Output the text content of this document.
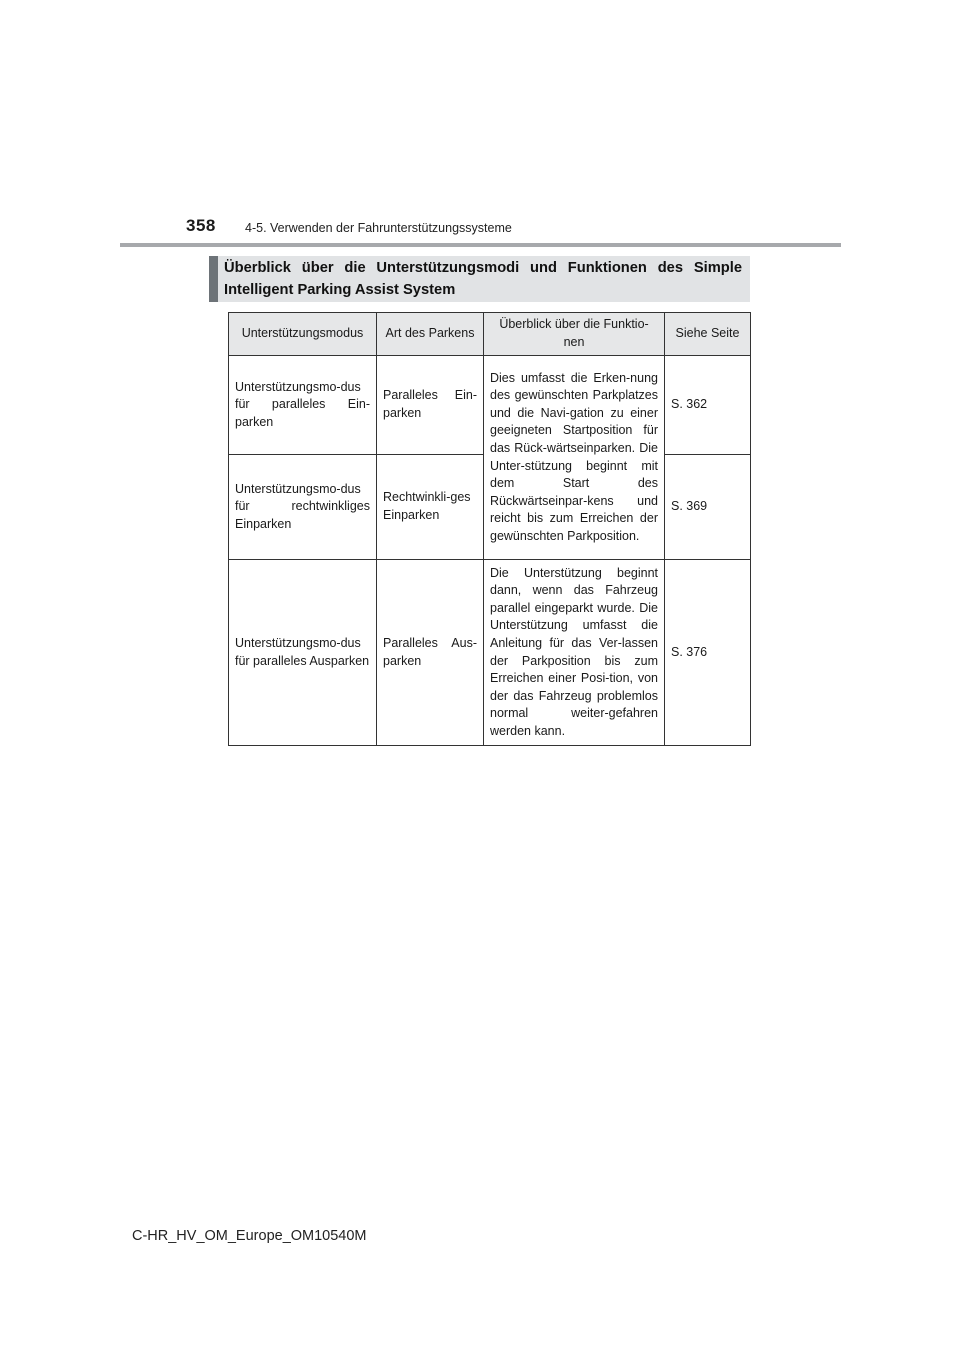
358 4-5. Verwenden der Fahrunterstützungssysteme
Überblick über die Unterstützungsmodi und Funktionen des Simple Intelligent Parking Assist System
Unterstützungsmodus	Art des Parkens	Überblick über die Funktio-nen	Siehe Seite
Unterstützungsmo-dus für paralleles Ein-parken	Paralleles Ein-parken	Dies umfasst die Erken-nung des gewünschten Parkplatzes und die Navi-gation zu einer geeigneten Startposition für das Rück-wärtseinparken. Die Unter-stützung beginnt mit dem Start des Rückwärtseinpar-kens und reicht bis zum Erreichen der gewünschten Parkposition.	S. 362
Unterstützungsmo-dus für rechtwinkliges Einparken	Rechtwinkli-ges Einparken		S. 369
Unterstützungsmo-dus für paralleles Ausparken	Paralleles Aus-parken	Die Unterstützung beginnt dann, wenn das Fahrzeug parallel eingeparkt wurde. Die Unterstützung umfasst die Anleitung für das Ver-lassen der Parkposition bis zum Erreichen einer Posi-tion, von der das Fahrzeug problemlos normal weiter-gefahren werden kann.	S. 376
C-HR_HV_OM_Europe_OM10540M
